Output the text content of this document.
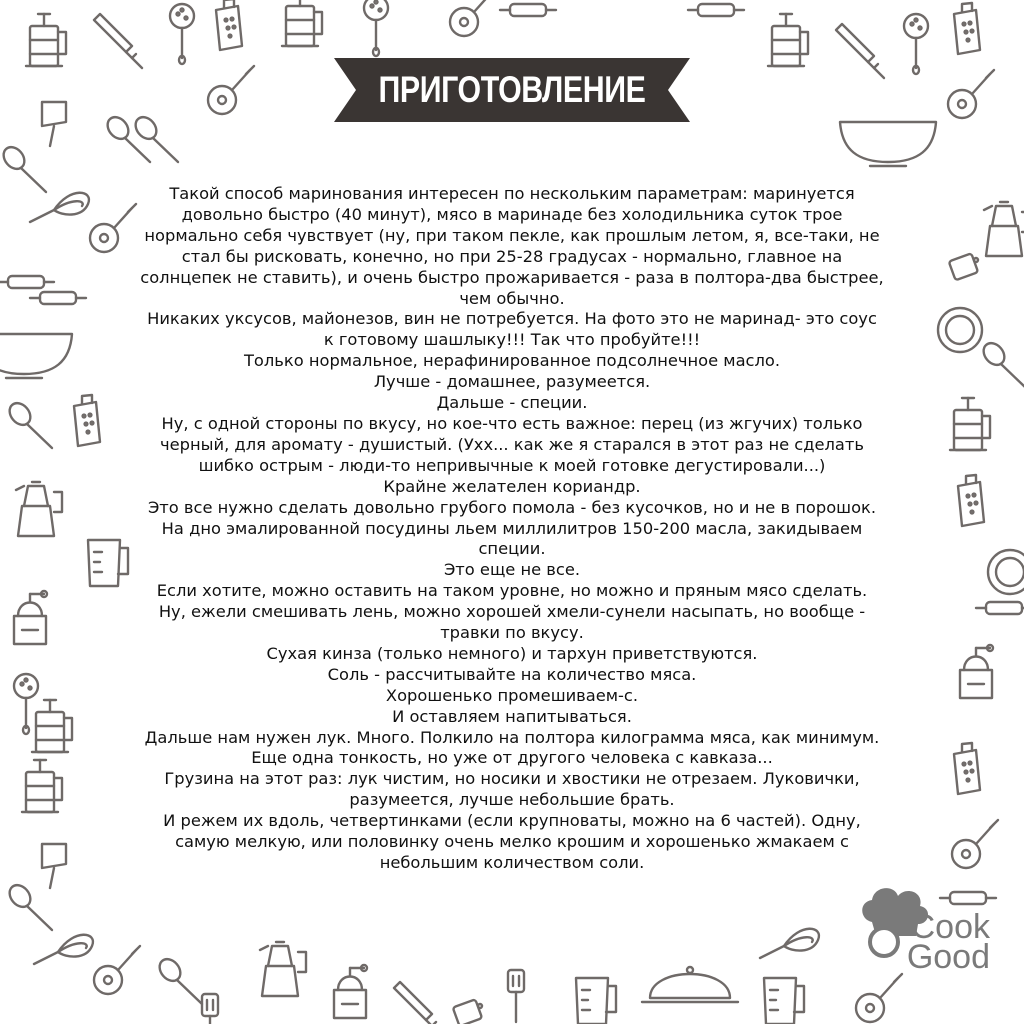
ПРИГОТОВЛЕНИЕ

Такой способ маринования интересен по нескольким параметрам: маринуется довольно быстро (40 минут), мясо в маринаде без холодильника суток трое нормально себя чувствует (ну, при таком пекле, как прошлым летом, я, все-таки, не стал бы рисковать, конечно, но при 25-28 градусах - нормально, главное на солнцепек не ставить), и очень быстро прожаривается - раза в полтора-два быстрее, чем обычно.

Никаких уксусов, майонезов, вин не потребуется. На фото это не маринад- это соус к готовому шашлыку!!! Так что пробуйте!!!

Только нормальное, нерафинированное подсолнечное масло.

Лучше - домашнее, разумеется.

Дальше - специи.

Ну, с одной стороны по вкусу, но кое-что есть важное: перец (из жгучих) только черный, для аромату - душистый. (Ухх... как же я старался в этот раз не сделать шибко острым - люди-то непривычные к моей готовке дегустировали...)

Крайне желателен кориандр.

Это все нужно сделать довольно грубого помола - без кусочков, но и не в порошок.

На дно эмалированной посудины льем миллилитров 150-200 масла, закидываем специи.

Это еще не все.

Если хотите, можно оставить на таком уровне, но можно и пряным мясо сделать.

Ну, ежели смешивать лень, можно хорошей хмели-сунели насыпать, но вообще - травки по вкусу.

Сухая кинза (только немного) и тархун приветствуются.

Соль - рассчитывайте на количество мяса.

Хорошенько промешиваем-с.

И оставляем напитываться.

Дальше нам нужен лук. Много. Полкило на полтора килограмма мяса, как минимум.

Еще одна тонкость, но уже от другого человека с кавказа...

Грузина на этот раз: лук чистим, но носики и хвостики не отрезаем. Луковички, разумеется, лучше небольшие брать.

И режем их вдоль, четвертинками (если крупноваты, можно на 6 частей). Одну, самую мелкую, или половинку очень мелко крошим и хорошенько жмакаем с небольшим количеством соли.

Cook
Good
